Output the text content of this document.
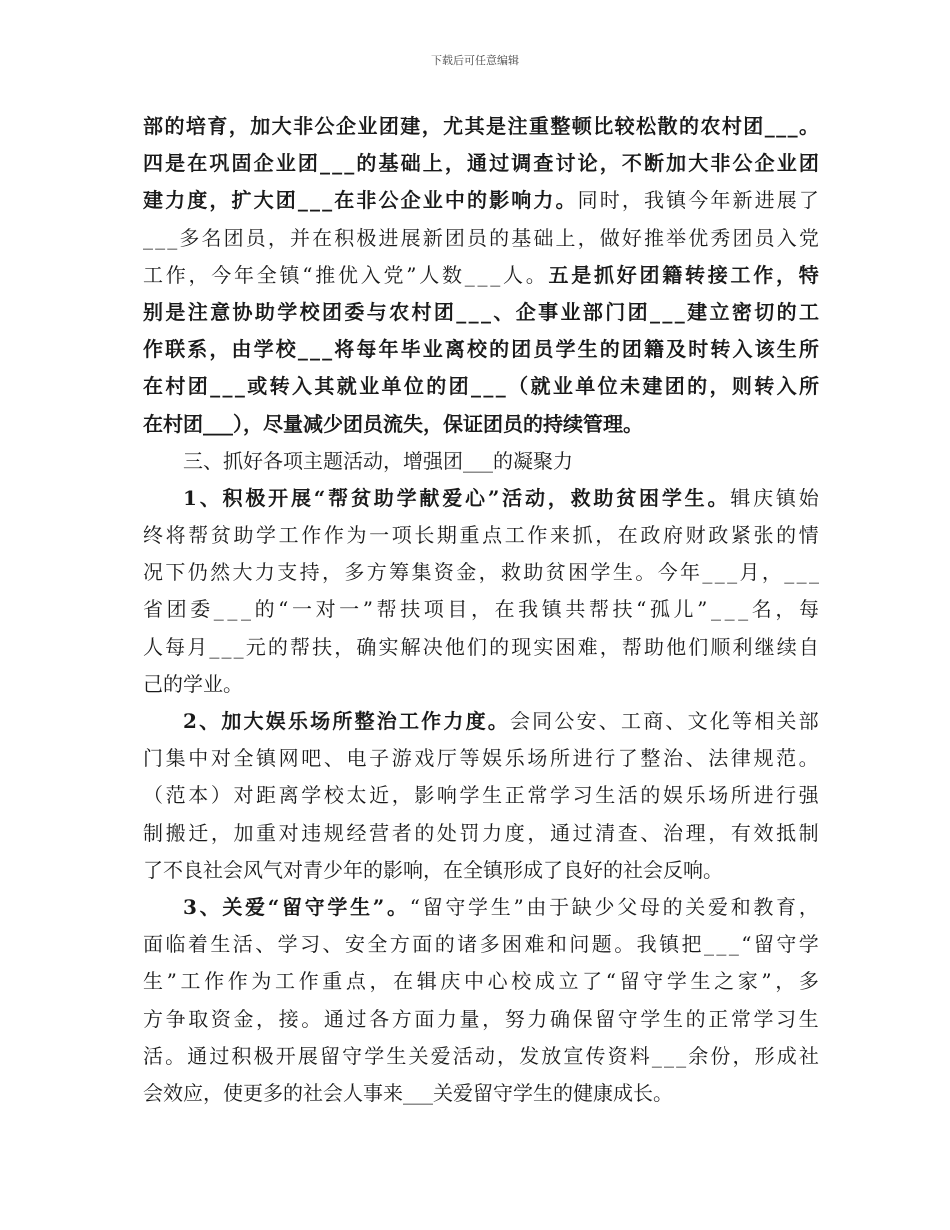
下载后可任意编辑
部 的 培 育 ， 加 大 非 公 企 业 团 建 ， 尤 其 是 注 重 整 顿 比 较 松 散 的 农 村 团 _ _ _ 。
四 是 在 巩 固 企 业 团 _ _ _ 的 基 础 上 ， 通 过 调 查 讨 论 ， 不 断 加 大 非 公 企 业 团
建 力 度 ， 扩 大 团 _ _ _ 在 非 公 企 业 中 的 影 响 力 。 同 时 ， 我 镇 今 年 新 进 展 了
_ _ _ 多 名 团 员 ， 并 在 积 极 进 展 新 团 员 的 基 础 上 ， 做 好 推 举 优 秀 团 员 入 党
工 作 ， 今 年 全 镇 “ 推 优 入 党 ” 人 数 _ _ _ 人 。 五 是 抓 好 团 籍 转 接 工 作 ， 特
别 是 注 意 协 助 学 校 团 委 与 农 村 团 _ _ _ 、 企 事 业 部 门 团 _ _ _ 建 立 密 切 的 工
作 联 系 ， 由 学 校 _ _ _ 将 每 年 毕 业 离 校 的 团 员 学 生 的 团 籍 及 时 转 入 该 生 所
在 村 团 _ _ _ 或 转 入 其 就 业 单 位 的 团 _ _ _ （ 就 业 单 位 未 建 团 的 ， 则 转 入 所
在村团___），尽量减少团员流失，保证团员的持续管理。
三、抓好各项主题活动，增强团___的凝聚力
1 、 积 极 开 展 “ 帮 贫 助 学 献 爱 心 ” 活 动 ， 救 助 贫 困 学 生 。 辑 庆 镇 始
终 将 帮 贫 助 学 工 作 作 为 一 项 长 期 重 点 工 作 来 抓 ， 在 政 府 财 政 紧 张 的 情
况 下 仍 然 大 力 支 持 ， 多 方 筹 集 资 金 ， 救 助 贫 困 学 生 。 今 年 _ _ _ 月 ， _ _ _
省 团 委 _ _ _ 的 “ 一 对 一 ” 帮 扶 项 目 ， 在 我 镇 共 帮 扶 “ 孤 儿 ” _ _ _ 名 ， 每
人 每 月 _ _ _ 元 的 帮 扶 ， 确 实 解 决 他 们 的 现 实 困 难 ， 帮 助 他 们 顺 利 继 续 自
己的学业。
2 、 加 大 娱 乐 场 所 整 治 工 作 力 度 。 会 同 公 安 、 工 商 、 文 化 等 相 关 部
门 集 中 对 全 镇 网 吧 、 电 子 游 戏 厅 等 娱 乐 场 所 进 行 了 整 治 、 法 律 规 范 。
（ 范 本 ） 对 距 离 学 校 太 近 ， 影 响 学 生 正 常 学 习 生 活 的 娱 乐 场 所 进 行 强
制 搬 迁 ， 加 重 对 违 规 经 营 者 的 处 罚 力 度 ， 通 过 清 查 、 治 理 ， 有 效 抵 制
了不良社会风气对青少年的影响，在全镇形成了良好的社会反响。
3 、 关 爱 “ 留 守 学 生 ” 。 “ 留 守 学 生 ” 由 于 缺 少 父 母 的 关 爱 和 教 育 ，
面 临 着 生 活 、 学 习 、 安 全 方 面 的 诸 多 困 难 和 问 题 。 我 镇 把 _ _ _ “ 留 守 学
生 ” 工 作 作 为 工 作 重 点 ， 在 辑 庆 中 心 校 成 立 了 “ 留 守 学 生 之 家 ” ， 多
方 争 取 资 金 ， 接 。 通 过 各 方 面 力 量 ， 努 力 确 保 留 守 学 生 的 正 常 学 习 生
活 。 通 过 积 极 开 展 留 守 学 生 关 爱 活 动 ， 发 放 宣 传 资 料 _ _ _ 余 份 ， 形 成 社
会效应，使更多的社会人事来___关爱留守学生的健康成长。
